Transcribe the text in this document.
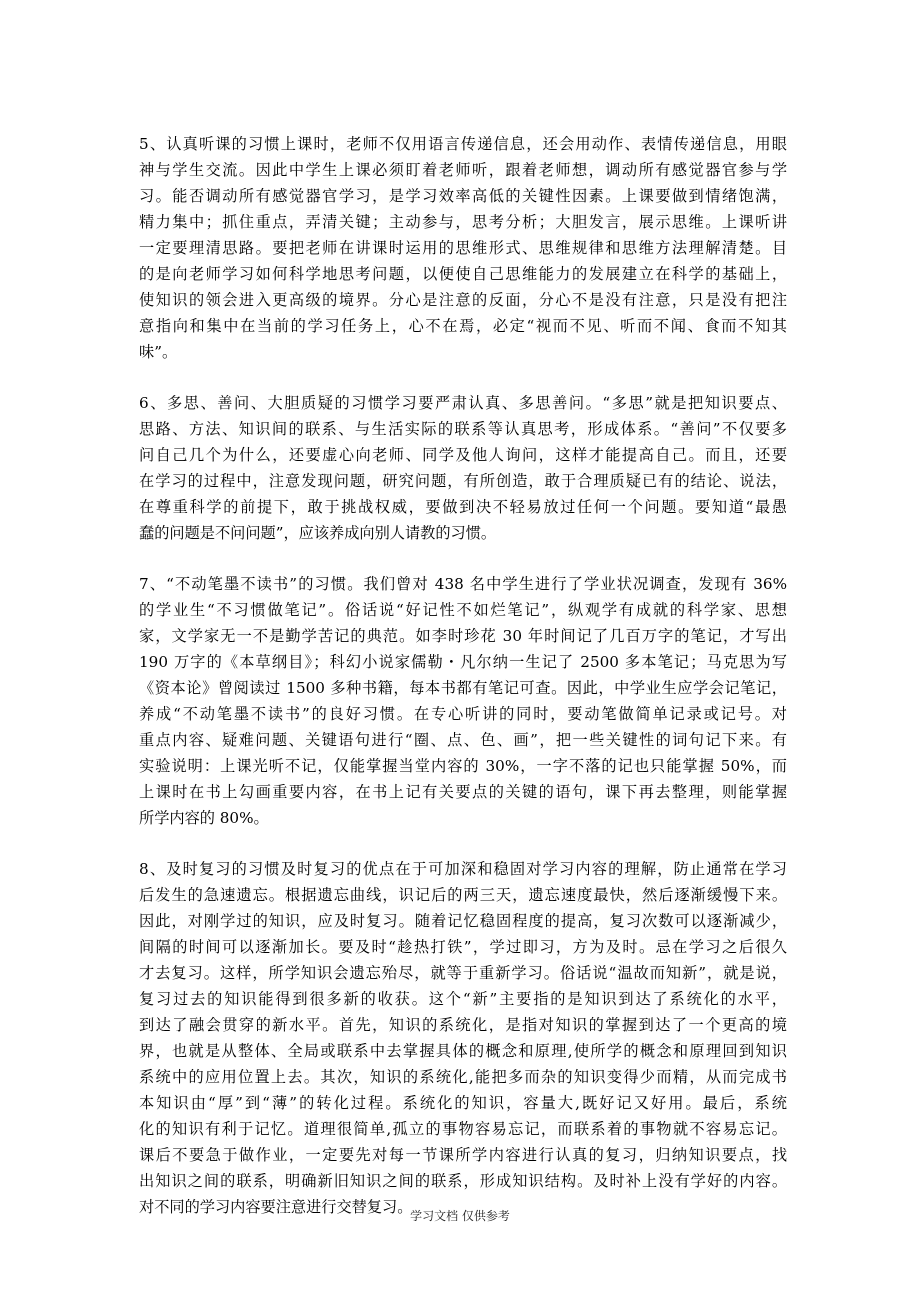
5、认真听课的习惯上课时，老师不仅用语言传递信息，还会用动作、表情传递信息，用眼
神与学生交流。因此中学生上课必须盯着老师听，跟着老师想，调动所有感觉器官参与学
习。能否调动所有感觉器官学习，是学习效率高低的关键性因素。上课要做到情绪饱满，
精力集中；抓住重点，弄清关键；主动参与，思考分析；大胆发言，展示思维。上课听讲
一定要理清思路。要把老师在讲课时运用的思维形式、思维规律和思维方法理解清楚。目
的是向老师学习如何科学地思考问题，以便使自己思维能力的发展建立在科学的基础上，
使知识的领会进入更高级的境界。分心是注意的反面，分心不是没有注意，只是没有把注
意指向和集中在当前的学习任务上，心不在焉，必定“视而不见、听而不闻、食而不知其
味”。
6、多思、善问、大胆质疑的习惯学习要严肃认真、多思善问。“多思”就是把知识要点、
思路、方法、知识间的联系、与生活实际的联系等认真思考，形成体系。“善问”不仅要多
问自己几个为什么，还要虚心向老师、同学及他人询问，这样才能提高自己。而且，还要
在学习的过程中，注意发现问题，研究问题，有所创造，敢于合理质疑已有的结论、说法，
在尊重科学的前提下，敢于挑战权威，要做到决不轻易放过任何一个问题。要知道“最愚
蠢的问题是不问问题”，应该养成向别人请教的习惯。
7、“不动笔墨不读书”的习惯。我们曾对 438 名中学生进行了学业状况调查，发现有 36%
的学业生“不习惯做笔记”。俗话说“好记性不如烂笔记”，纵观学有成就的科学家、思想
家，文学家无一不是勤学苦记的典范。如李时珍花 30 年时间记了几百万字的笔记，才写出
190 万字的《本草纲目》；科幻小说家儒勒・凡尔纳一生记了 2500 多本笔记；马克思为写
《资本论》曾阅读过 1500 多种书籍，每本书都有笔记可查。因此，中学业生应学会记笔记，
养成“不动笔墨不读书”的良好习惯。在专心听讲的同时，要动笔做简单记录或记号。对
重点内容、疑难问题、关键语句进行“圈、点、色、画”，把一些关键性的词句记下来。有
实验说明：上课光听不记，仅能掌握当堂内容的 30%，一字不落的记也只能掌握 50%，而
上课时在书上勾画重要内容，在书上记有关要点的关键的语句，课下再去整理，则能掌握
所学内容的 80%。
8、及时复习的习惯及时复习的优点在于可加深和稳固对学习内容的理解，防止通常在学习
后发生的急速遗忘。根据遗忘曲线，识记后的两三天，遗忘速度最快，然后逐渐缓慢下来。
因此，对刚学过的知识，应及时复习。随着记忆稳固程度的提高，复习次数可以逐渐减少，
间隔的时间可以逐渐加长。要及时“趁热打铁”，学过即习，方为及时。忌在学习之后很久
才去复习。这样，所学知识会遗忘殆尽，就等于重新学习。俗话说“温故而知新”，就是说，
复习过去的知识能得到很多新的收获。这个“新”主要指的是知识到达了系统化的水平，
到达了融会贯穿的新水平。首先，知识的系统化，是指对知识的掌握到达了一个更高的境
界，也就是从整体、全局或联系中去掌握具体的概念和原理,使所学的概念和原理回到知识
系统中的应用位置上去。其次，知识的系统化,能把多而杂的知识变得少而精，从而完成书
本知识由“厚”到“薄”的转化过程。系统化的知识，容量大,既好记又好用。最后，系统
化的知识有利于记忆。道理很简单,孤立的事物容易忘记，而联系着的事物就不容易忘记。
课后不要急于做作业，一定要先对每一节课所学内容进行认真的复习，归纳知识要点，找
出知识之间的联系，明确新旧知识之间的联系，形成知识结构。及时补上没有学好的内容。
对不同的学习内容要注意进行交替复习。
学习文档 仅供参考
